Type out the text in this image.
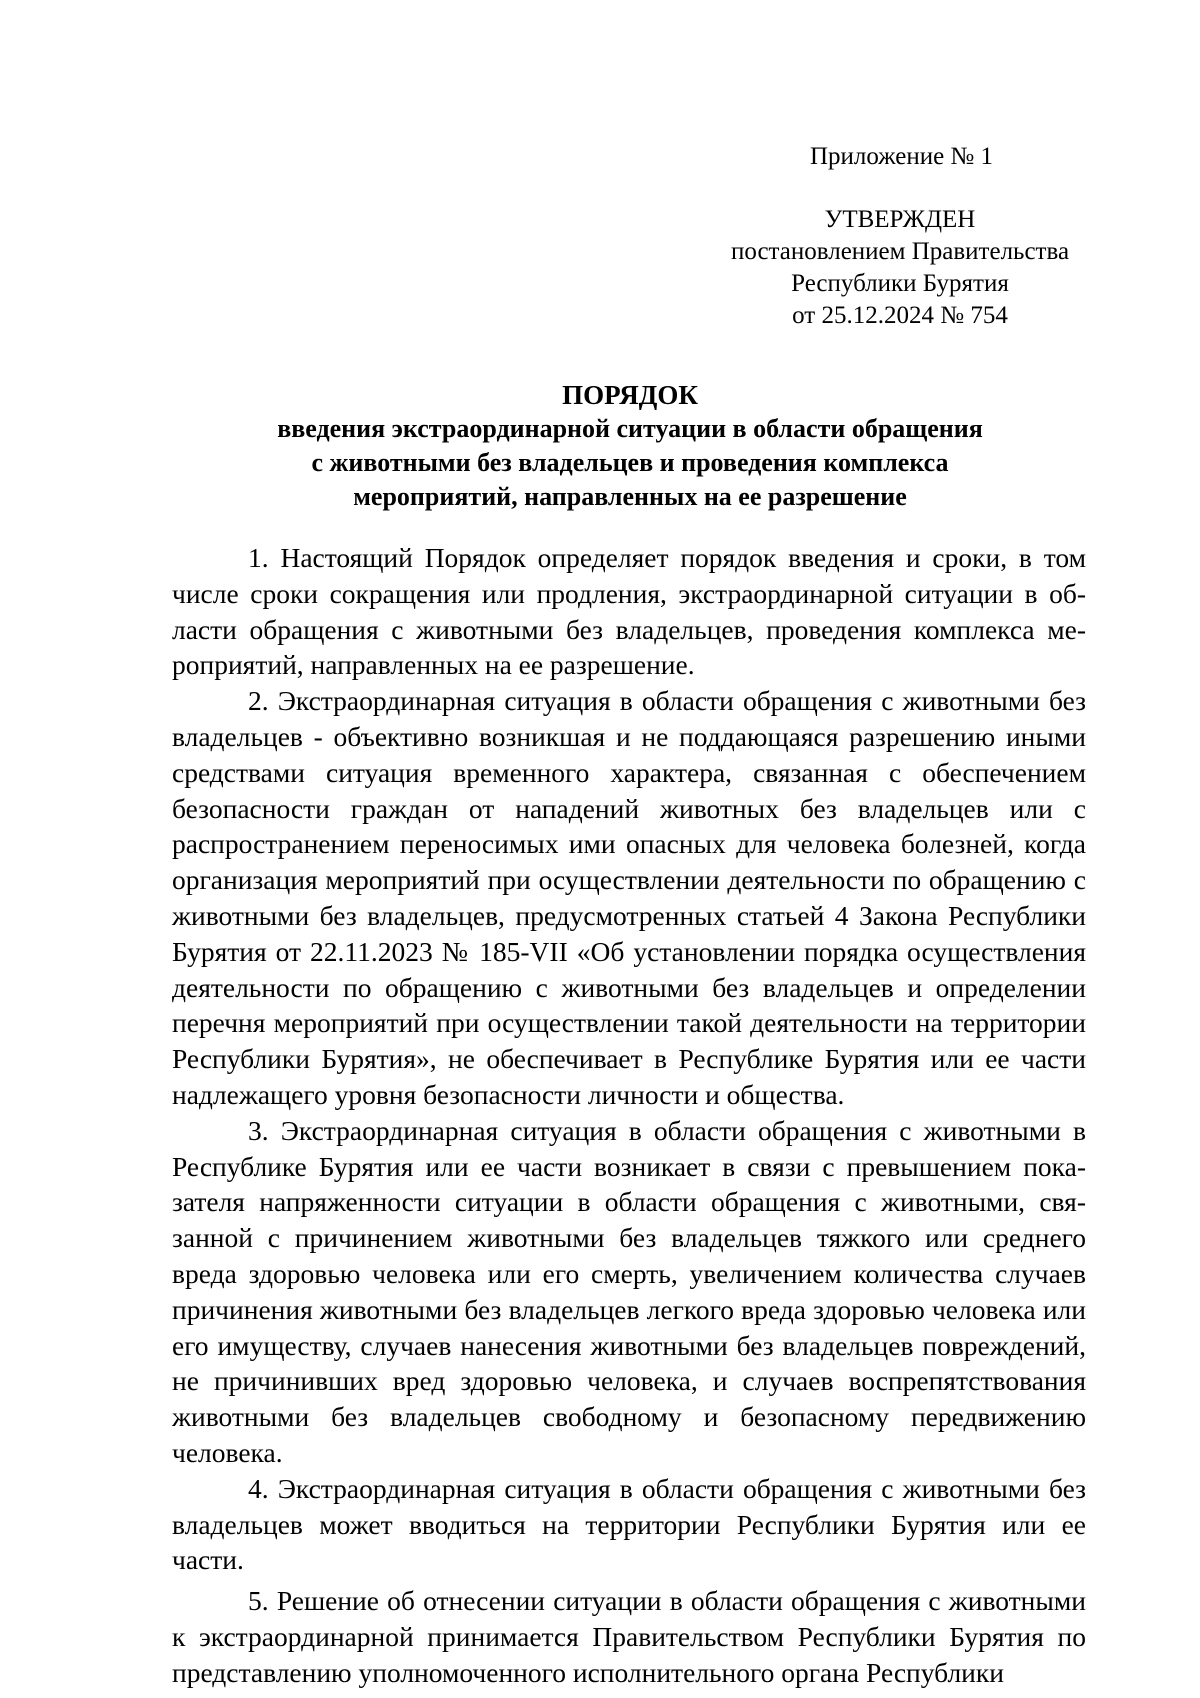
Приложение № 1
УТВЕРЖДЕН
постановлением Правительства
Республики Бурятия
от 25.12.2024 № 754
ПОРЯДОК
введения экстраординарной ситуации в области обращения
с животными без владельцев и проведения комплекса
мероприятий, направленных на ее разрешение

1. Настоящий Порядок определяет порядок введения и сроки, в том числе сроки сокращения или продления, экстраординарной ситуации в области обращения с животными без владельцев, проведения комплекса мероприятий, направленных на ее разрешение.

2. Экстраординарная ситуация в области обращения с животными без владельцев - объективно возникшая и не поддающаяся разрешению иными средствами ситуация временного характера, связанная с обеспечением безопасности граждан от нападений животных без владельцев или с распространением переносимых ими опасных для человека болезней, когда организация мероприятий при осуществлении деятельности по обращению с животными без владельцев, предусмотренных статьей 4 Закона Республики Бурятия от 22.11.2023 № 185-VII «Об установлении порядка осуществления деятельности по обращению с животными без владельцев и определении перечня мероприятий при осуществлении такой деятельности на территории Республики Бурятия», не обеспечивает в Республике Бурятия или ее части надлежащего уровня безопасности личности и общества.

3. Экстраординарная ситуация в области обращения с животными в Республике Бурятия или ее части возникает в связи с превышением показателя напряженности ситуации в области обращения с животными, связанной с причинением животными без владельцев тяжкого или среднего вреда здоровью человека или его смерть, увеличением количества случаев причинения животными без владельцев легкого вреда здоровью человека или его имуществу, случаев нанесения животными без владельцев повреждений, не причинивших вред здоровью человека, и случаев воспрепятствования животными без владельцев свободному и безопасному передвижению человека.

4. Экстраординарная ситуация в области обращения с животными без владельцев может вводиться на территории Республики Бурятия или ее части.

5. Решение об отнесении ситуации в области обращения с животными к экстраординарной принимается Правительством Республики Бурятия по представлению уполномоченного исполнительного органа Республики
